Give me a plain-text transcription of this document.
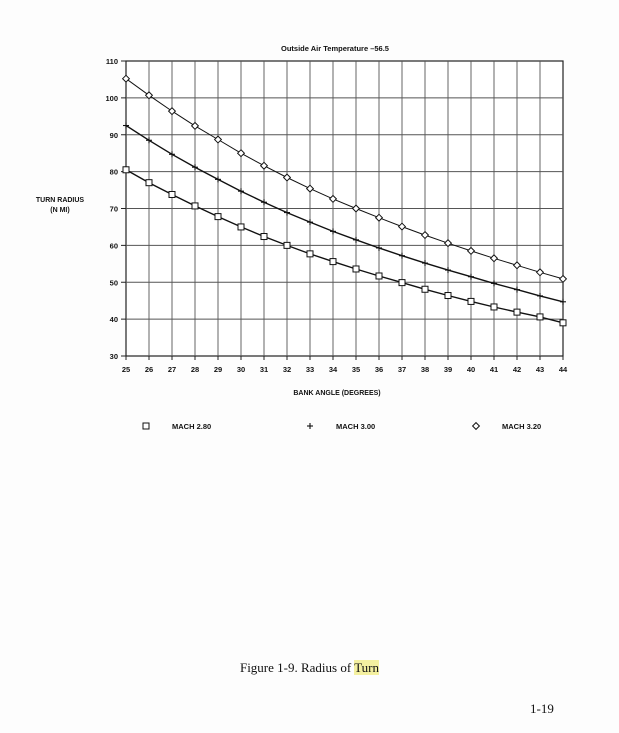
30
40
50
60
70
80
90
100
110
25 26 27 28 29 30 31 32 33 34 35 36 37 38 39 40 41 42 43 44
MACH 2.80	MACH 3.00	MACH 3.20
Outside Air Temperature –56.5
TURN RADIUS
(N MI)
BANK ANGLE (DEGREES)
Figure 1-9. Radius of Turn
1-19
